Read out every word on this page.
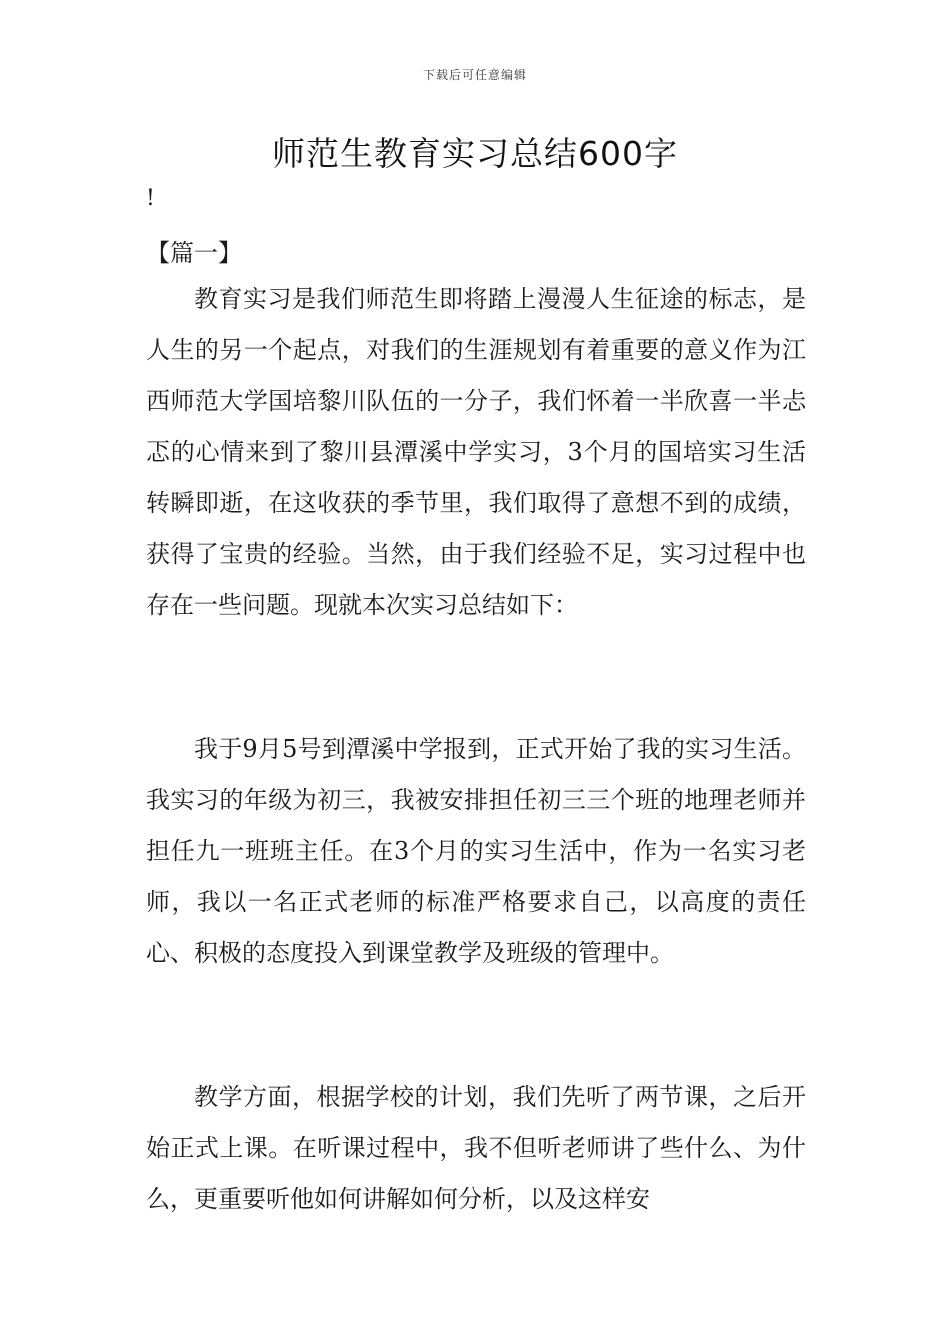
下载后可任意编辑
师范生教育实习总结600字
!
【篇一】

教育实习是我们师范生即将踏上漫漫人生征途的标志，是人生的另一个起点，对我们的生涯规划有着重要的意义作为江西师范大学国培黎川队伍的一分子，我们怀着一半欣喜一半忐忑的心情来到了黎川县潭溪中学实习，3个月的国培实习生活转瞬即逝，在这收获的季节里，我们取得了意想不到的成绩，获得了宝贵的经验。当然，由于我们经验不足，实习过程中也存在一些问题。现就本次实习总结如下：

我于9月5号到潭溪中学报到，正式开始了我的实习生活。我实习的年级为初三，我被安排担任初三三个班的地理老师并担任九一班班主任。在3个月的实习生活中，作为一名实习老师，我以一名正式老师的标准严格要求自己，以高度的责任心、积极的态度投入到课堂教学及班级的管理中。

教学方面，根据学校的计划，我们先听了两节课，之后开始正式上课。在听课过程中，我不但听老师讲了些什么、为什么，更重要听他如何讲解如何分析，以及这样安
